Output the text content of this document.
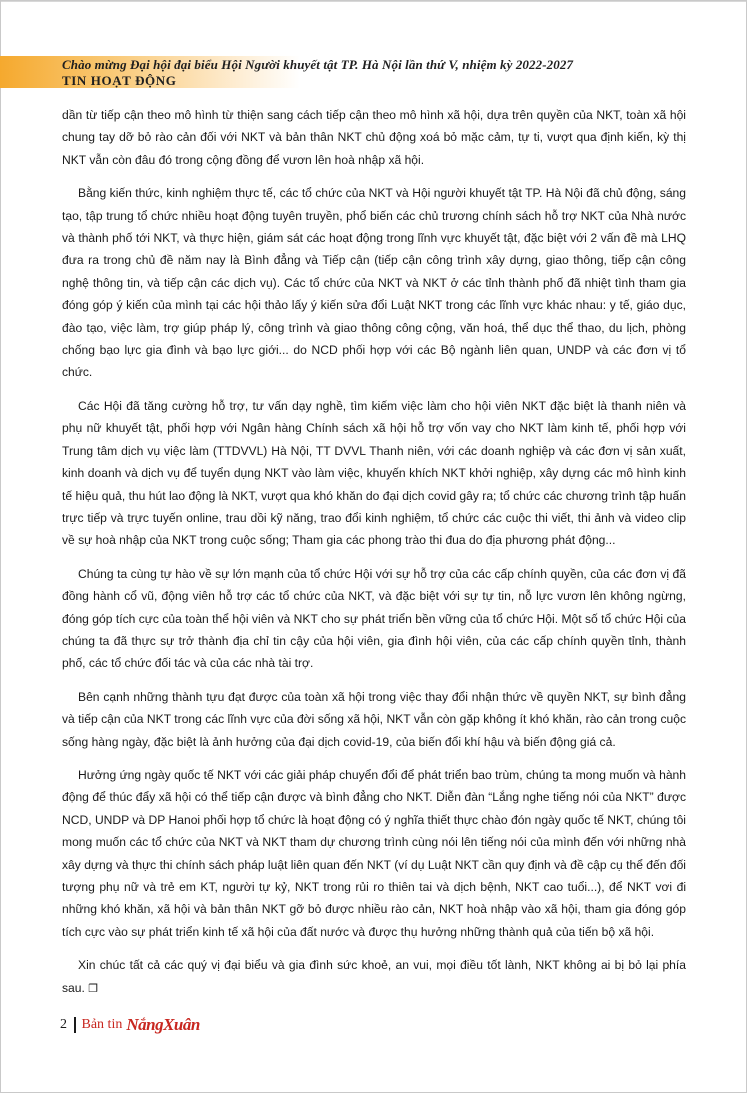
Chào mừng Đại hội đại biểu Hội Người khuyết tật TP. Hà Nội lần thứ V, nhiệm kỳ 2022-2027
TIN HOẠT ĐỘNG

dần từ tiếp cận theo mô hình từ thiện sang cách tiếp cận theo mô hình xã hội, dựa trên quyền của NKT, toàn xã hội chung tay dỡ bỏ rào cản đối với NKT và bản thân NKT chủ động xoá bỏ mặc cảm, tự ti, vượt qua định kiến, kỳ thị NKT vẫn còn đâu đó trong cộng đồng để vươn lên hoà nhập xã hội.

Bằng kiến thức, kinh nghiệm thực tế, các tổ chức của NKT và Hội người khuyết tật TP. Hà Nội đã chủ động, sáng tạo, tập trung tổ chức nhiều hoạt động tuyên truyền, phổ biến các chủ trương chính sách hỗ trợ NKT của Nhà nước và thành phố tới NKT, và thực hiện, giám sát các hoạt động trong lĩnh vực khuyết tật, đặc biệt với 2 vấn đề mà LHQ đưa ra trong chủ đề năm nay là Bình đẳng và Tiếp cận (tiếp cận công trình xây dựng, giao thông, tiếp cận công nghệ thông tin, và tiếp cận các dịch vụ). Các tổ chức của NKT và NKT ở các tỉnh thành phố đã nhiệt tình tham gia đóng góp ý kiến của mình tại các hội thảo lấy ý kiến sửa đổi Luật NKT trong các lĩnh vực khác nhau: y tế, giáo dục, đào tạo, việc làm, trợ giúp pháp lý, công trình và giao thông công cộng, văn hoá, thể dục thể thao, du lịch, phòng chống bạo lực gia đình và bạo lực giới... do NCD phối hợp với các Bộ ngành liên quan, UNDP và các đơn vị tổ chức.

Các Hội đã tăng cường hỗ trợ, tư vấn dạy nghề, tìm kiếm việc làm cho hội viên NKT đặc biệt là thanh niên và phụ nữ khuyết tật, phối hợp với Ngân hàng Chính sách xã hội hỗ trợ vốn vay cho NKT làm kinh tế, phối hợp với Trung tâm dịch vụ việc làm (TTDVVL) Hà Nội, TT DVVL Thanh niên, với các doanh nghiệp và các đơn vị sản xuất, kinh doanh và dịch vụ để tuyển dụng NKT vào làm việc, khuyến khích NKT khởi nghiệp, xây dựng các mô hình kinh tế hiệu quả, thu hút lao động là NKT, vượt qua khó khăn do đại dịch covid gây ra; tổ chức các chương trình tập huấn trực tiếp và trực tuyến online, trau dồi kỹ năng, trao đổi kinh nghiệm, tổ chức các cuộc thi viết, thi ảnh và video clip về sự hoà nhập của NKT trong cuộc sống; Tham gia các phong trào thi đua do địa phương phát động...

Chúng ta cùng tự hào về sự lớn mạnh của tổ chức Hội với sự hỗ trợ của các cấp chính quyền, của các đơn vị đã đồng hành cổ vũ, động viên hỗ trợ các tổ chức của NKT, và đặc biệt với sự tự tin, nỗ lực vươn lên không ngừng, đóng góp tích cực của toàn thể hội viên và NKT cho sự phát triển bền vững của tổ chức Hội. Một số tổ chức Hội của chúng ta đã thực sự trở thành địa chỉ tin cậy của hội viên, gia đình hội viên, của các cấp chính quyền tỉnh, thành phố, các tổ chức đối tác và của các nhà tài trợ.

Bên cạnh những thành tựu đạt được của toàn xã hội trong việc thay đổi nhận thức về quyền NKT, sự bình đẳng và tiếp cận của NKT trong các lĩnh vực của đời sống xã hội, NKT vẫn còn gặp không ít khó khăn, rào cản trong cuộc sống hàng ngày, đặc biệt là ảnh hưởng của đại dịch covid-19, của biến đổi khí hậu và biến động giá cả.

Hưởng ứng ngày quốc tế NKT với các giải pháp chuyển đổi để phát triển bao trùm, chúng ta mong muốn và hành động để thúc đẩy xã hội có thể tiếp cận được và bình đẳng cho NKT. Diễn đàn “Lắng nghe tiếng nói của NKT” được NCD, UNDP và DP Hanoi phối hợp tổ chức là hoạt động có ý nghĩa thiết thực chào đón ngày quốc tế NKT, chúng tôi mong muốn các tổ chức của NKT và NKT tham dự chương trình cùng nói lên tiếng nói của mình đến với những nhà xây dựng và thực thi chính sách pháp luật liên quan đến NKT (ví dụ Luật NKT cần quy định và đề cập cụ thể đến đối tượng phụ nữ và trẻ em KT, người tự kỷ, NKT trong rủi ro thiên tai và dịch bệnh, NKT cao tuổi...), để NKT vơi đi những khó khăn, xã hội và bản thân NKT gỡ bỏ được nhiều rào cản, NKT hoà nhập vào xã hội, tham gia đóng góp tích cực vào sự phát triển kinh tế xã hội của đất nước và được thụ hưởng những thành quả của tiến bộ xã hội.

Xin chúc tất cả các quý vị đại biểu và gia đình sức khoẻ, an vui, mọi điều tốt lành, NKT không ai bị bỏ lại phía sau. ❐

2 Bản tin NắngXuân
